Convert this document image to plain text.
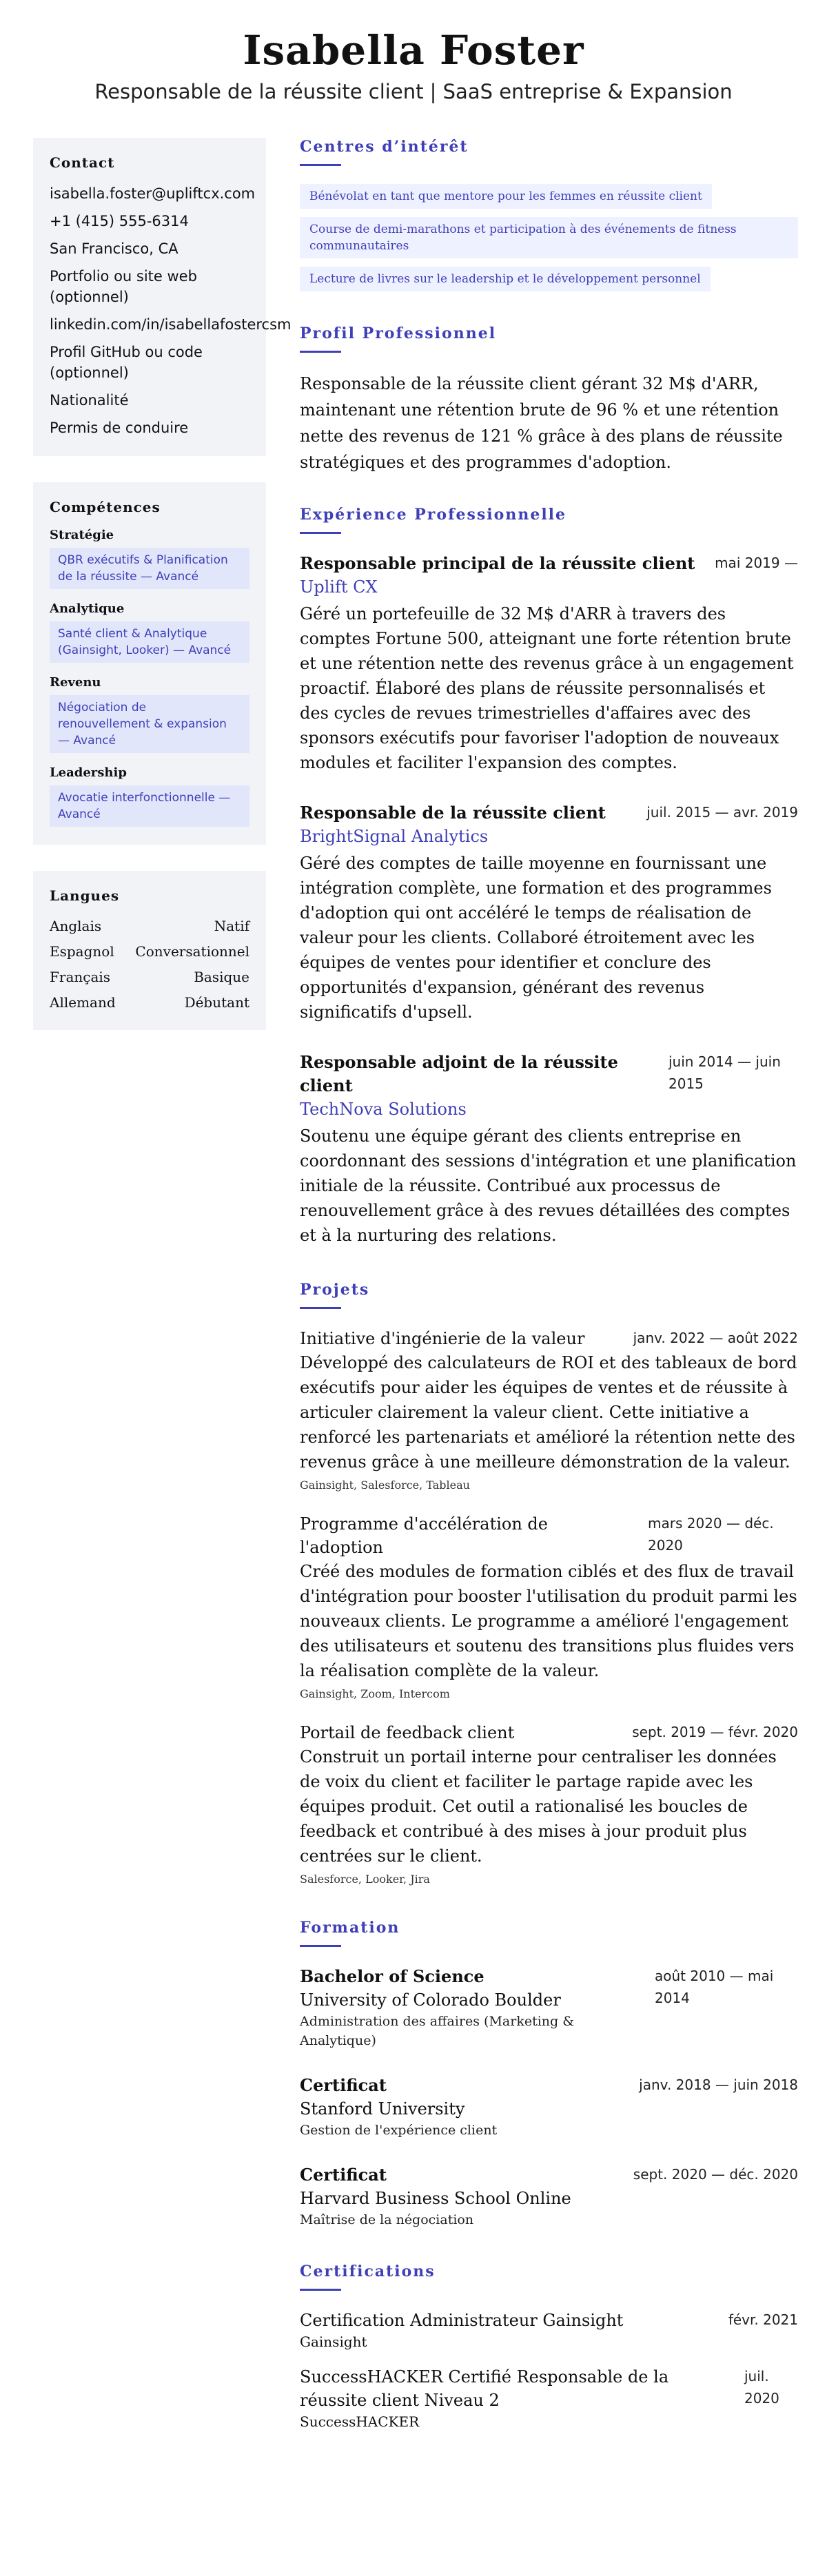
Isabella Foster
Responsable de la réussite client | SaaS entreprise & Expansion
Contact
isabella.foster@upliftcx.com
+1 (415) 555-6314
San Francisco, CA
Portfolio ou site web (optionnel)
linkedin.com/in/isabellafostercsm
Profil GitHub ou code (optionnel)
Nationalité
Permis de conduire
Compétences
Stratégie
QBR exécutifs & Planification de la réussite — Avancé
Analytique
Santé client & Analytique (Gainsight, Looker) — Avancé
Revenu
Négociation de renouvellement & expansion — Avancé
Leadership
Avocatie interfonctionnelle — Avancé
Langues
Anglais	Natif
Espagnol Conversationnel
Français	Basique
Allemand	Débutant
Centres d’intérêt
Bénévolat en tant que mentore pour les femmes en réussite client Course de demi-marathons et participation à des événements de fitness communautaires Lecture de livres sur le leadership et le développement personnel
Profil Professionnel

Responsable de la réussite client gérant 32 M$ d'ARR, maintenant une rétention brute de 96 % et une rétention nette des revenus de 121 % grâce à des plans de réussite stratégiques et des programmes d'adoption.

Expérience Professionnelle
Responsable principal de la réussite client	mai 2019 —
Uplift CX

Géré un portefeuille de 32 M$ d'ARR à travers des comptes Fortune 500, atteignant une forte rétention brute et une rétention nette des revenus grâce à un engagement proactif. Élaboré des plans de réussite personnalisés et des cycles de revues trimestrielles d'affaires avec des sponsors exécutifs pour favoriser l'adoption de nouveaux modules et faciliter l'expansion des comptes.

Responsable de la réussite client	juil. 2015 — avr. 2019
BrightSignal Analytics

Géré des comptes de taille moyenne en fournissant une intégration complète, une formation et des programmes d'adoption qui ont accéléré le temps de réalisation de valeur pour les clients. Collaboré étroitement avec les équipes de ventes pour identifier et conclure des opportunités d'expansion, générant des revenus significatifs d'upsell.

Responsable adjoint de la réussite client
juin 2014 — juin 2015
TechNova Solutions

Soutenu une équipe gérant des clients entreprise en coordonnant des sessions d'intégration et une planification initiale de la réussite. Contribué aux processus de renouvellement grâce à des revues détaillées des comptes et à la nurturing des relations.

Projets
Initiative d'ingénierie de la valeur	janv. 2022 — août 2022

Développé des calculateurs de ROI et des tableaux de bord exécutifs pour aider les équipes de ventes et de réussite à articuler clairement la valeur client. Cette initiative a renforcé les partenariats et amélioré la rétention nette des revenus grâce à une meilleure démonstration de la valeur.

Gainsight, Salesforce, Tableau
Programme d'accélération de l'adoption
mars 2020 — déc. 2020

Créé des modules de formation ciblés et des flux de travail d'intégration pour booster l'utilisation du produit parmi les nouveaux clients. Le programme a amélioré l'engagement des utilisateurs et soutenu des transitions plus fluides vers la réalisation complète de la valeur.

Gainsight, Zoom, Intercom
Portail de feedback client	sept. 2019 — févr. 2020

Construit un portail interne pour centraliser les données de voix du client et faciliter le partage rapide avec les équipes produit. Cet outil a rationalisé les boucles de feedback et contribué à des mises à jour produit plus centrées sur le client.

Salesforce, Looker, Jira
Formation
Bachelor of Science
University of Colorado Boulder
Administration des affaires (Marketing & Analytique)
août 2010 — mai 2014
Certificat
Stanford University
Gestion de l'expérience client
janv. 2018 — juin 2018
Certificat
Harvard Business School Online
Maîtrise de la négociation
sept. 2020 — déc. 2020
Certifications
Certification Administrateur Gainsight
Gainsight
févr. 2021
SuccessHACKER Certifié Responsable de la réussite client Niveau 2
SuccessHACKER
juil. 2020
